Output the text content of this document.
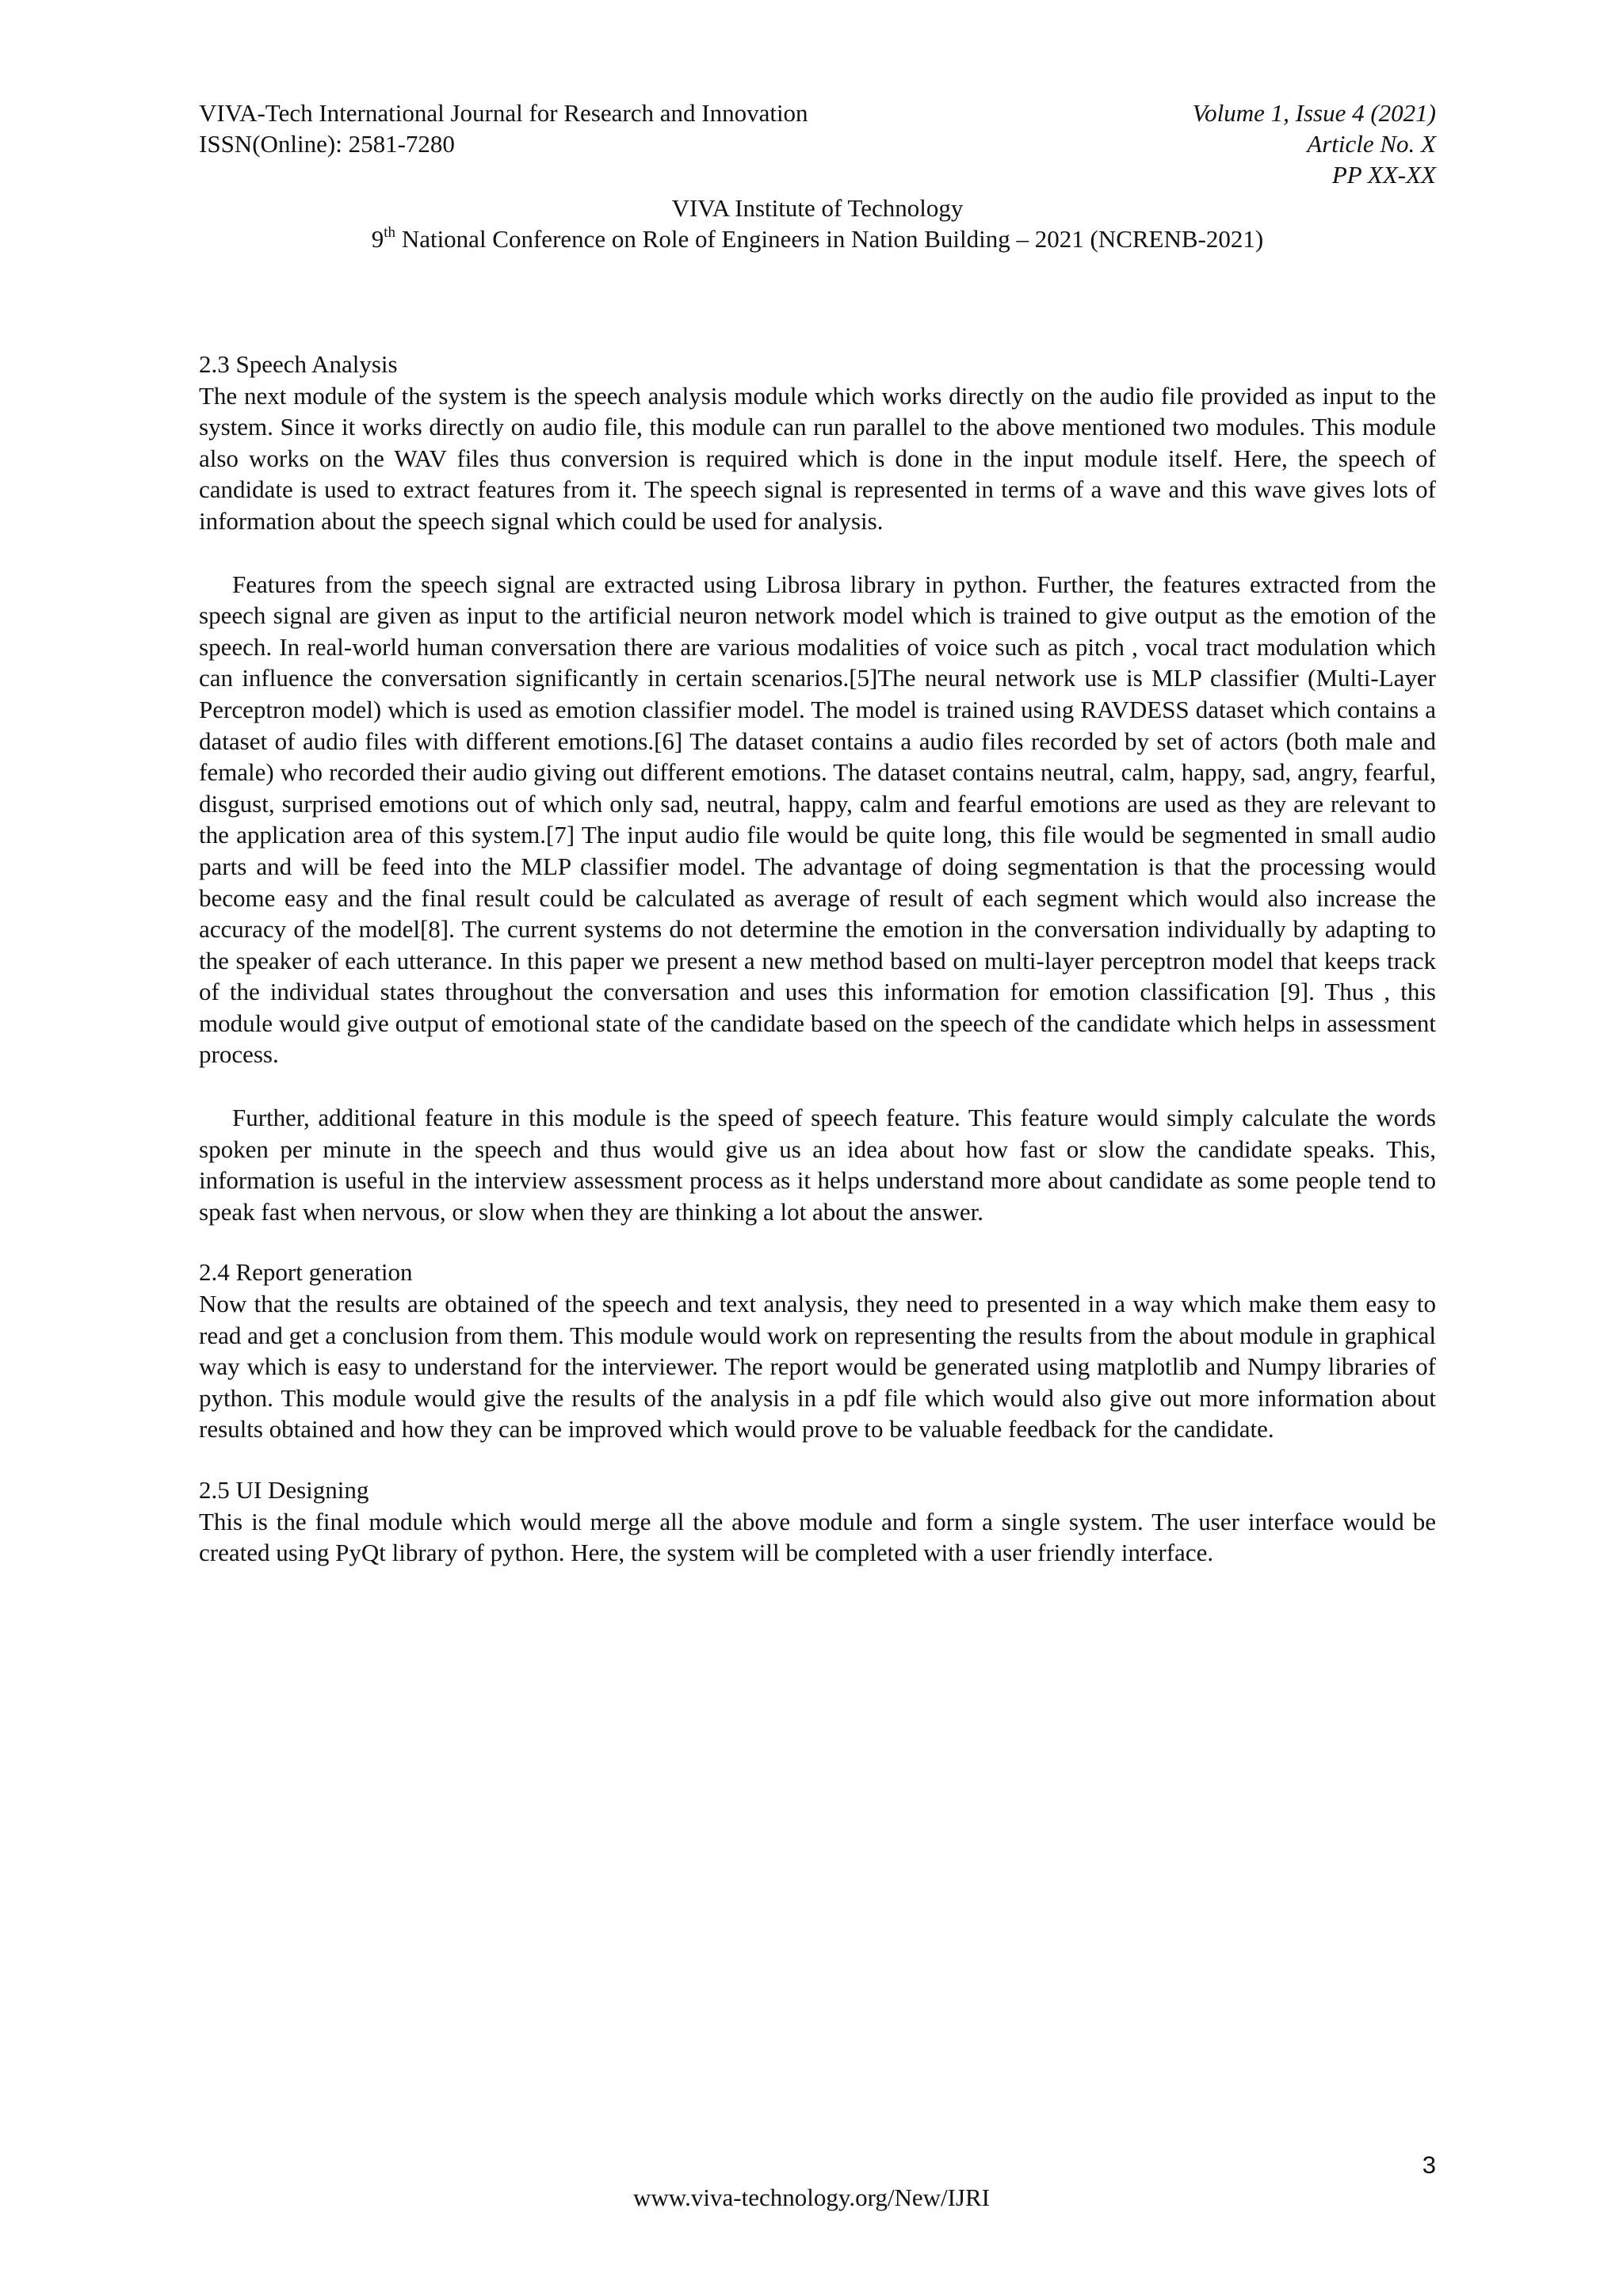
VIVA-Tech International Journal for Research and Innovation	Volume 1, Issue 4 (2021)
ISSN(Online): 2581-7280	Article No. X
PP XX-XX
VIVA Institute of Technology
9th National Conference on Role of Engineers in Nation Building – 2021 (NCRENB-2021)

2.3 Speech Analysis

The next module of the system is the speech analysis module which works directly on the audio file provided as input to the system. Since it works directly on audio file, this module can run parallel to the above mentioned two modules. This module also works on the WAV files thus conversion is required which is done in the input module itself. Here, the speech of candidate is used to extract features from it. The speech signal is represented in terms of a wave and this wave gives lots of information about the speech signal which could be used for analysis.

Features from the speech signal are extracted using Librosa library in python. Further, the features extracted from the speech signal are given as input to the artificial neuron network model which is trained to give output as the emotion of the speech. In real-world human conversation there are various modalities of voice such as pitch , vocal tract modulation which can influence the conversation significantly in certain scenarios.[5]The neural network use is MLP classifier (Multi-Layer Perceptron model) which is used as emotion classifier model. The model is trained using RAVDESS dataset which contains a dataset of audio files with different emotions.[6] The dataset contains a audio files recorded by set of actors (both male and female) who recorded their audio giving out different emotions. The dataset contains neutral, calm, happy, sad, angry, fearful, disgust, surprised emotions out of which only sad, neutral, happy, calm and fearful emotions are used as they are relevant to the application area of this system.[7] The input audio file would be quite long, this file would be segmented in small audio parts and will be feed into the MLP classifier model. The advantage of doing segmentation is that the processing would become easy and the final result could be calculated as average of result of each segment which would also increase the accuracy of the model[8]. The current systems do not determine the emotion in the conversation individually by adapting to the speaker of each utterance. In this paper we present a new method based on multi-layer perceptron model that keeps track of the individual states throughout the conversation and uses this information for emotion classification [9]. Thus , this module would give output of emotional state of the candidate based on the speech of the candidate which helps in assessment process.

Further, additional feature in this module is the speed of speech feature. This feature would simply calculate the words spoken per minute in the speech and thus would give us an idea about how fast or slow the candidate speaks. This, information is useful in the interview assessment process as it helps understand more about candidate as some people tend to speak fast when nervous, or slow when they are thinking a lot about the answer.

2.4 Report generation

Now that the results are obtained of the speech and text analysis, they need to presented in a way which make them easy to read and get a conclusion from them. This module would work on representing the results from the about module in graphical way which is easy to understand for the interviewer. The report would be generated using matplotlib and Numpy libraries of python. This module would give the results of the analysis in a pdf file which would also give out more information about results obtained and how they can be improved which would prove to be valuable feedback for the candidate.

2.5 UI Designing

This is the final module which would merge all the above module and form a single system. The user interface would be created using PyQt library of python. Here, the system will be completed with a user friendly interface.

3
www.viva-technology.org/New/IJRI
